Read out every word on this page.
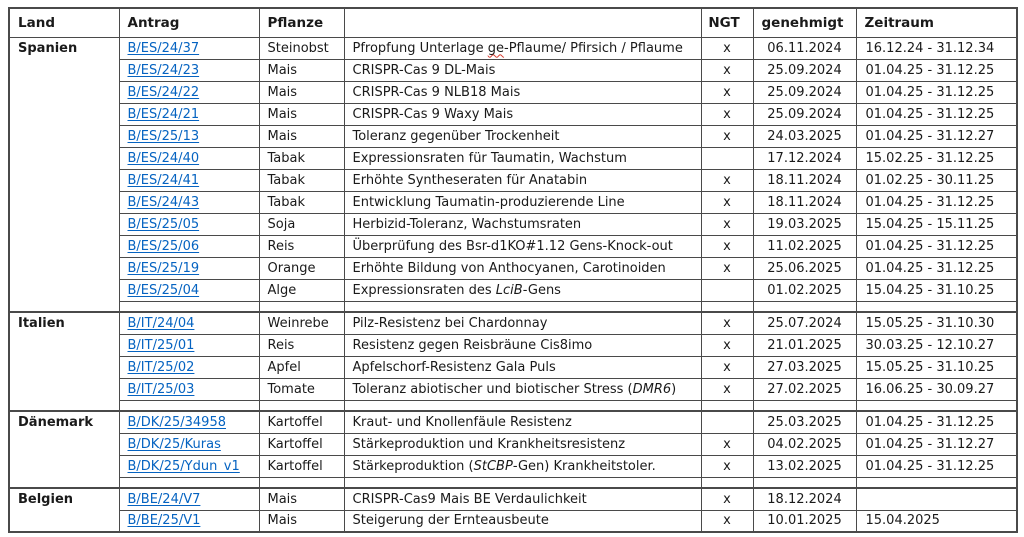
Land	Antrag	Pflanze		NGT	genehmigt	Zeitraum
Spanien	B/ES/24/37	Steinobst	Pfropfung Unterlage ge-Pflaume/ Pfirsich / Pflaume	x	06.11.2024	16.12.24 - 31.12.34
	B/ES/24/23	Mais	CRISPR-Cas 9 DL-Mais	x	25.09.2024	01.04.25 - 31.12.25
	B/ES/24/22	Mais	CRISPR-Cas 9 NLB18 Mais	x	25.09.2024	01.04.25 - 31.12.25
	B/ES/24/21	Mais	CRISPR-Cas 9 Waxy Mais	x	25.09.2024	01.04.25 - 31.12.25
	B/ES/25/13	Mais	Toleranz gegenüber Trockenheit	x	24.03.2025	01.04.25 - 31.12.27
	B/ES/24/40	Tabak	Expressionsraten für Taumatin, Wachstum		17.12.2024	15.02.25 - 31.12.25
	B/ES/24/41	Tabak	Erhöhte Syntheseraten für Anatabin	x	18.11.2024	01.02.25 - 30.11.25
	B/ES/24/43	Tabak	Entwicklung Taumatin-produzierende Line	x	18.11.2024	01.04.25 - 31.12.25
	B/ES/25/05	Soja	Herbizid-Toleranz, Wachstumsraten	x	19.03.2025	15.04.25 - 15.11.25
	B/ES/25/06	Reis	Überprüfung des Bsr-d1KO#1.12 Gens-Knock-out	x	11.02.2025	01.04.25 - 31.12.25
	B/ES/25/19	Orange	Erhöhte Bildung von Anthocyanen, Carotinoiden	x	25.06.2025	01.04.25 - 31.12.25
	B/ES/25/04	Alge	Expressionsraten des LciB-Gens		01.02.2025	15.04.25 - 31.10.25

Italien	B/IT/24/04	Weinrebe	Pilz-Resistenz bei Chardonnay	x	25.07.2024	15.05.25 - 31.10.30
	B/IT/25/01	Reis	Resistenz gegen Reisbräune Cis8imo	x	21.01.2025	30.03.25 - 12.10.27
	B/IT/25/02	Apfel	Apfelschorf-Resistenz Gala Puls	x	27.03.2025	15.05.25 - 31.10.25
	B/IT/25/03	Tomate	Toleranz abiotischer und biotischer Stress (DMR6)	x	27.02.2025	16.06.25 - 30.09.27

Dänemark	B/DK/25/34958	Kartoffel	Kraut- und Knollenfäule Resistenz		25.03.2025	01.04.25 - 31.12.25
	B/DK/25/Kuras	Kartoffel	Stärkeproduktion und Krankheitsresistenz	x	04.02.2025	01.04.25 - 31.12.27
	B/DK/25/Ydun_v1	Kartoffel	Stärkeproduktion (StCBP-Gen) Krankheitstoler.	x	13.02.2025	01.04.25 - 31.12.25

Belgien	B/BE/24/V7	Mais	CRISPR-Cas9 Mais BE Verdaulichkeit	x	18.12.2024	
	B/BE/25/V1	Mais	Steigerung der Ernteausbeute	x	10.01.2025	15.04.2025
